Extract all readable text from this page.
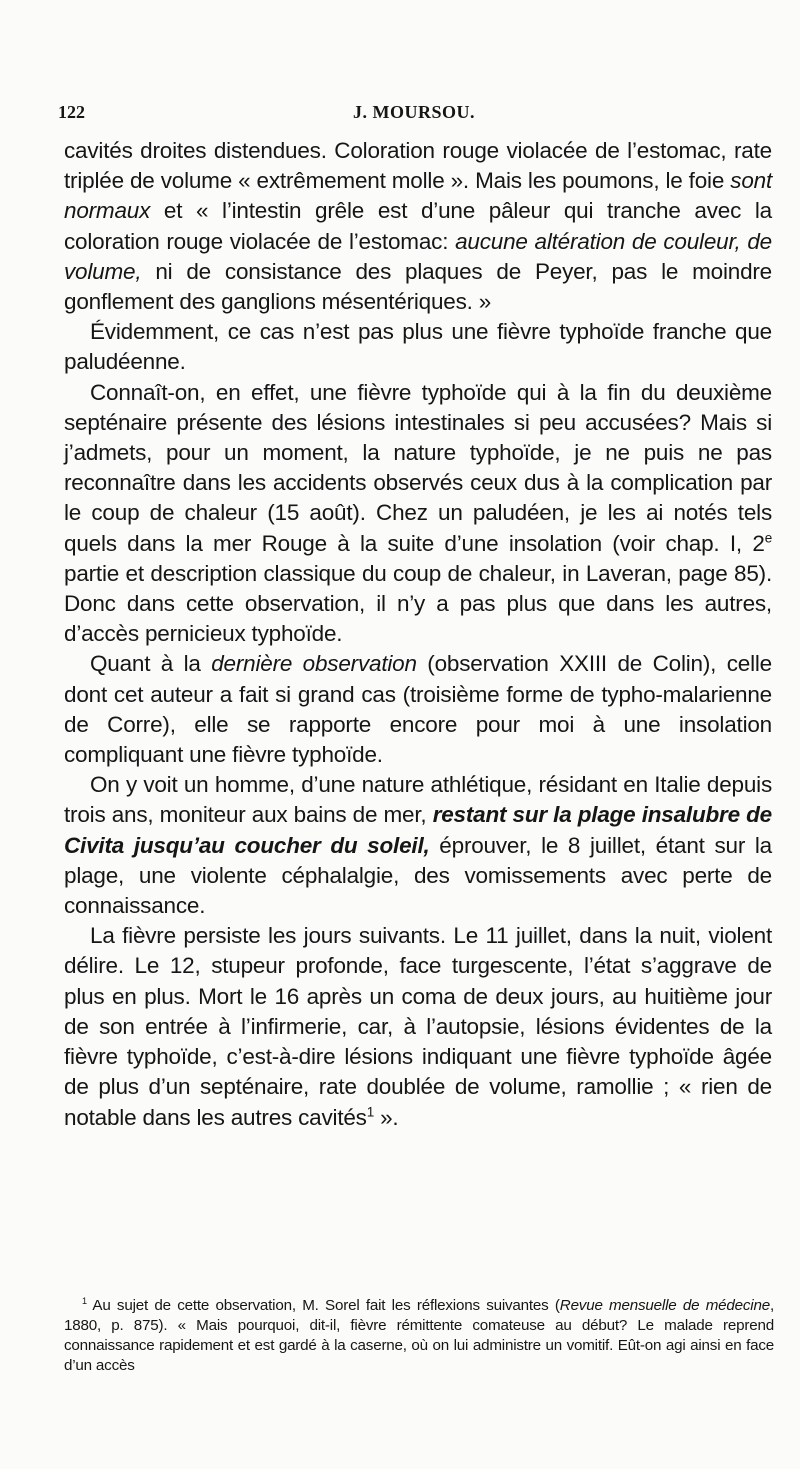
122	J. MOURSOU.

cavités droites distendues. Coloration rouge violacée de l’estomac, rate triplée de volume « extrêmement molle ». Mais les poumons, le foie sont normaux et « l’intestin grêle est d’une pâleur qui tranche avec la coloration rouge violacée de l’estomac: aucune altération de couleur, de volume, ni de consistance des plaques de Peyer, pas le moindre gonflement des ganglions mésentériques. »

Évidemment, ce cas n’est pas plus une fièvre typhoïde franche que paludéenne.

Connaît-on, en effet, une fièvre typhoïde qui à la fin du deuxième septénaire présente des lésions intestinales si peu accusées? Mais si j’admets, pour un moment, la nature typhoïde, je ne puis ne pas reconnaître dans les accidents observés ceux dus à la complication par le coup de chaleur (15 août). Chez un paludéen, je les ai notés tels quels dans la mer Rouge à la suite d’une insolation (voir chap. I, 2e partie et description classique du coup de chaleur, in Laveran, page 85). Donc dans cette observation, il n’y a pas plus que dans les autres, d’accès pernicieux typhoïde.

Quant à la dernière observation (observation XXIII de Colin), celle dont cet auteur a fait si grand cas (troisième forme de typho-malarienne de Corre), elle se rapporte encore pour moi à une insolation compliquant une fièvre typhoïde.

On y voit un homme, d’une nature athlétique, résidant en Italie depuis trois ans, moniteur aux bains de mer, restant sur la plage insalubre de Civita jusqu’au coucher du soleil, éprouver, le 8 juillet, étant sur la plage, une violente céphalalgie, des vomissements avec perte de connaissance.

La fièvre persiste les jours suivants. Le 11 juillet, dans la nuit, violent délire. Le 12, stupeur profonde, face turgescente, l’état s’aggrave de plus en plus. Mort le 16 après un coma de deux jours, au huitième jour de son entrée à l’infirmerie, car, à l’autopsie, lésions évidentes de la fièvre typhoïde, c’est-à-dire lésions indiquant une fièvre typhoïde âgée de plus d’un septénaire, rate doublée de volume, ramollie ; « rien de notable dans les autres cavités$^1$ ».

$^1$ Au sujet de cette observation, M. Sorel fait les réflexions suivantes (Revue mensuelle de médecine, 1880, p. 875). « Mais pourquoi, dit-il, fièvre rémittente comateuse au début? Le malade reprend connaissance rapidement et est gardé à la caserne, où on lui administre un vomitif. Eût-on agi ainsi en face d’un accès
